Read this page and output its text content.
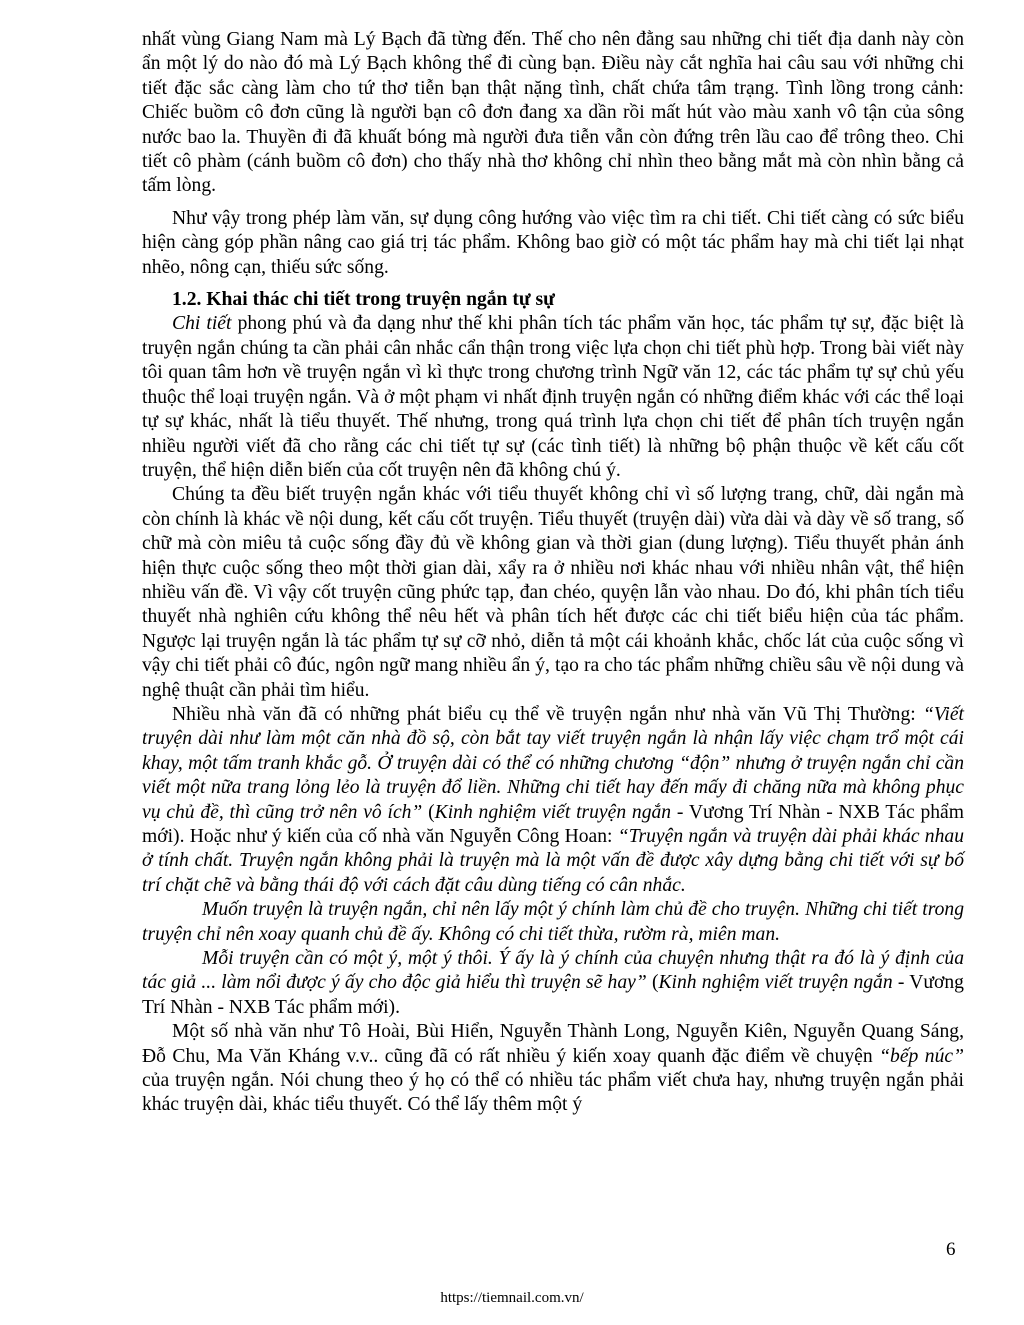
nhất vùng Giang Nam mà Lý Bạch đã từng đến. Thế cho nên đằng sau những chi tiết địa danh này còn ẩn một lý do nào đó mà Lý Bạch không thể đi cùng bạn. Điều này cắt nghĩa hai câu sau với những chi tiết đặc sắc càng làm cho tứ thơ tiễn bạn thật nặng tình, chất chứa tâm trạng. Tình lồng trong cảnh: Chiếc buồm cô đơn cũng là người bạn cô đơn đang xa dần rồi mất hút vào màu xanh vô tận của sông nước bao la. Thuyền đi đã khuất bóng mà người đưa tiễn vẫn còn đứng trên lầu cao để trông theo. Chi tiết cô phàm (cánh buồm cô đơn) cho thấy nhà thơ không chỉ nhìn theo bằng mắt mà còn nhìn bằng cả tấm lòng.

Như vậy trong phép làm văn, sự dụng công hướng vào việc tìm ra chi tiết. Chi tiết càng có sức biểu hiện càng góp phần nâng cao giá trị tác phẩm. Không bao giờ có một tác phẩm hay mà chi tiết lại nhạt nhẽo, nông cạn, thiếu sức sống.

1.2. Khai thác chi tiết trong truyện ngắn tự sự

Chi tiết phong phú và đa dạng như thế khi phân tích tác phẩm văn học, tác phẩm tự sự, đặc biệt là truyện ngắn chúng ta cần phải cân nhắc cẩn thận trong việc lựa chọn chi tiết phù hợp. Trong bài viết này tôi quan tâm hơn về truyện ngắn vì kì thực trong chương trình Ngữ văn 12, các tác phẩm tự sự chủ yếu thuộc thể loại truyện ngắn. Và ở một phạm vi nhất định truyện ngắn có những điểm khác với các thể loại tự sự khác, nhất là tiểu thuyết. Thế nhưng, trong quá trình lựa chọn chi tiết để phân tích truyện ngắn nhiều người viết đã cho rằng các chi tiết tự sự (các tình tiết) là những bộ phận thuộc về kết cấu cốt truyện, thể hiện diễn biến của cốt truyện nên đã không chú ý.

Chúng ta đều biết truyện ngắn khác với tiểu thuyết không chỉ vì số lượng trang, chữ, dài ngắn mà còn chính là khác về nội dung, kết cấu cốt truyện. Tiểu thuyết (truyện dài) vừa dài và dày về số trang, số chữ mà còn miêu tả cuộc sống đầy đủ về không gian và thời gian (dung lượng). Tiểu thuyết phản ánh hiện thực cuộc sống theo một thời gian dài, xẩy ra ở nhiều nơi khác nhau với nhiều nhân vật, thể hiện nhiều vấn đề. Vì vậy cốt truyện cũng phức tạp, đan chéo, quyện lẫn vào nhau. Do đó, khi phân tích tiểu thuyết nhà nghiên cứu không thể nêu hết và phân tích hết được các chi tiết biểu hiện của tác phẩm. Ngược lại truyện ngắn là tác phẩm tự sự cỡ nhỏ, diễn tả một cái khoảnh khắc, chốc lát của cuộc sống vì vậy chi tiết phải cô đúc, ngôn ngữ mang nhiều ẩn ý, tạo ra cho tác phẩm những chiều sâu về nội dung và nghệ thuật cần phải tìm hiểu.

Nhiều nhà văn đã có những phát biểu cụ thể về truyện ngắn như nhà văn Vũ Thị Thường: “Viết truyện dài như làm một căn nhà đồ sộ, còn bắt tay viết truyện ngắn là nhận lấy việc chạm trổ một cái khay, một tấm tranh khắc gỗ. Ở truyện dài có thể có những chương “độn” nhưng ở truyện ngắn chỉ cần viết một nữa trang lỏng lẻo là truyện đổ liền. Những chi tiết hay đến mấy đi chăng nữa mà không phục vụ chủ đề, thì cũng trở nên vô ích” (Kinh nghiệm viết truyện ngắn - Vương Trí Nhàn - NXB Tác phẩm mới). Hoặc như ý kiến của cố nhà văn Nguyễn Công Hoan: “Truyện ngắn và truyện dài phải khác nhau ở tính chất. Truyện ngắn không phải là truyện mà là một vấn đề được xây dựng bằng chi tiết với sự bố trí chặt chẽ và bằng thái độ với cách đặt câu dùng tiếng có cân nhắc.

Muốn truyện là truyện ngắn, chỉ nên lấy một ý chính làm chủ đề cho truyện. Những chi tiết trong truyện chỉ nên xoay quanh chủ đề ấy. Không có chi tiết thừa, rườm rà, miên man.

Mỗi truyện cần có một ý, một ý thôi. Ý ấy là ý chính của chuyện nhưng thật ra đó là ý định của tác giả ... làm nổi được ý ấy cho độc giả hiểu thì truyện sẽ hay” (Kinh nghiệm viết truyện ngắn - Vương Trí Nhàn - NXB Tác phẩm mới).

Một số nhà văn như Tô Hoài, Bùi Hiển, Nguyễn Thành Long, Nguyễn Kiên, Nguyễn Quang Sáng, Đỗ Chu, Ma Văn Kháng v.v.. cũng đã có rất nhiều ý kiến xoay quanh đặc điểm về chuyện “bếp núc” của truyện ngắn. Nói chung theo ý họ có thể có nhiều tác phẩm viết chưa hay, nhưng truyện ngắn phải khác truyện dài, khác tiểu thuyết. Có thể lấy thêm một ý

6
https://tiemnail.com.vn/
